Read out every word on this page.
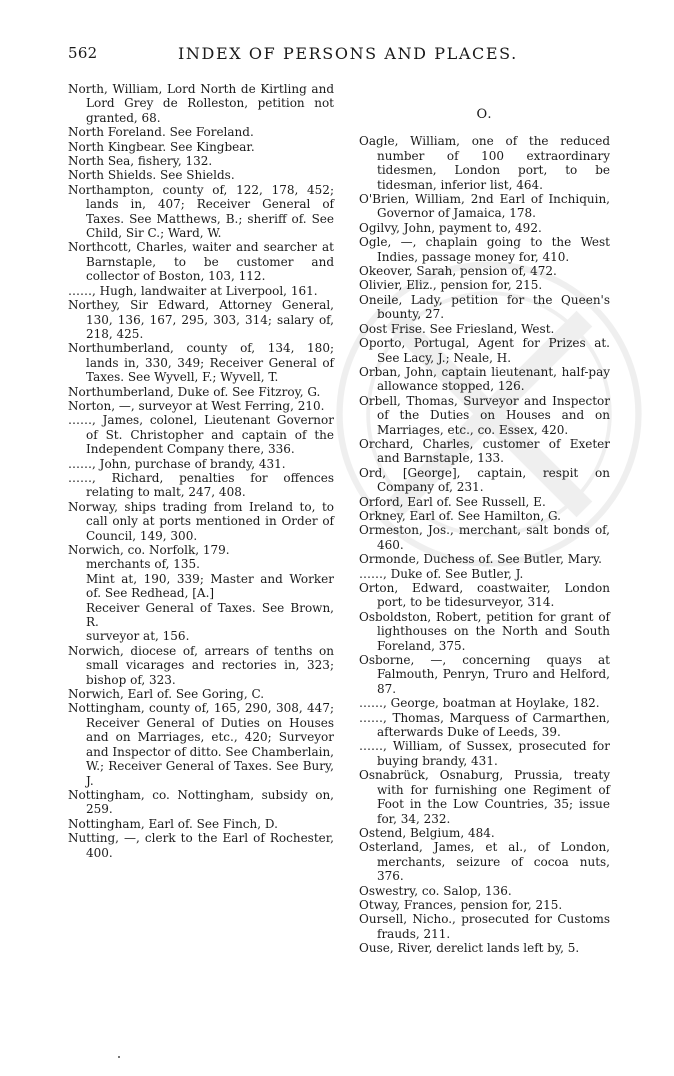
562	INDEX OF PERSONS AND PLACES.

North, William, Lord North de Kirtling and Lord Grey de Rolleston, petition not granted, 68.

North Foreland. See Foreland.

North Kingbear. See Kingbear.

North Sea, fishery, 132.

North Shields. See Shields.

Northampton, county of, 122, 178, 452; lands in, 407; Receiver General of Taxes. See Matthews, B.; sheriff of. See Child, Sir C.; Ward, W.

Northcott, Charles, waiter and searcher at Barnstaple, to be customer and collector of Boston, 103, 112.

……, Hugh, landwaiter at Liverpool, 161.

Northey, Sir Edward, Attorney General, 130, 136, 167, 295, 303, 314; salary of, 218, 425.

Northumberland, county of, 134, 180; lands in, 330, 349; Receiver General of Taxes. See Wyvell, F.; Wyvell, T.

Northumberland, Duke of. See Fitzroy, G.

Norton, —, surveyor at West Ferring, 210.

……, James, colonel, Lieutenant Governor of St. Christopher and captain of the Independent Company there, 336.

……, John, purchase of brandy, 431.

……, Richard, penalties for offences relating to malt, 247, 408.

Norway, ships trading from Ireland to, to call only at ports mentioned in Order of Council, 149, 300.

Norwich, co. Norfolk, 179.

merchants of, 135.

Mint at, 190, 339; Master and Worker of. See Redhead, [A.]

Receiver General of Taxes. See Brown, R.

surveyor at, 156.

Norwich, diocese of, arrears of tenths on small vicarages and rectories in, 323; bishop of, 323.

Norwich, Earl of. See Goring, C.

Nottingham, county of, 165, 290, 308, 447; Receiver General of Duties on Houses and on Marriages, etc., 420; Surveyor and Inspector of ditto. See Chamberlain, W.; Receiver General of Taxes. See Bury, J.

Nottingham, co. Nottingham, subsidy on, 259.

Nottingham, Earl of. See Finch, D.

Nutting, —, clerk to the Earl of Rochester, 400.

O.

Oagle, William, one of the reduced number of 100 extraordinary tidesmen, London port, to be tidesman, inferior list, 464.

O'Brien, William, 2nd Earl of Inchiquin, Governor of Jamaica, 178.

Ogilvy, John, payment to, 492.

Ogle, —, chaplain going to the West Indies, passage money for, 410.

Okeover, Sarah, pension of, 472.

Olivier, Eliz., pension for, 215.

Oneile, Lady, petition for the Queen's bounty, 27.

Oost Frise. See Friesland, West.

Oporto, Portugal, Agent for Prizes at. See Lacy, J.; Neale, H.

Orban, John, captain lieutenant, half-pay allowance stopped, 126.

Orbell, Thomas, Surveyor and Inspector of the Duties on Houses and on Marriages, etc., co. Essex, 420.

Orchard, Charles, customer of Exeter and Barnstaple, 133.

Ord, [George], captain, respit on Company of, 231.

Orford, Earl of. See Russell, E.

Orkney, Earl of. See Hamilton, G.

Ormeston, Jos., merchant, salt bonds of, 460.

Ormonde, Duchess of. See Butler, Mary.

……, Duke of. See Butler, J.

Orton, Edward, coastwaiter, London port, to be tidesurveyor, 314.

Osboldston, Robert, petition for grant of lighthouses on the North and South Foreland, 375.

Osborne, —, concerning quays at Falmouth, Penryn, Truro and Helford, 87.

……, George, boatman at Hoylake, 182.

……, Thomas, Marquess of Carmarthen, afterwards Duke of Leeds, 39.

……, William, of Sussex, prosecuted for buying brandy, 431.

Osnabrück, Osnaburg, Prussia, treaty with for furnishing one Regiment of Foot in the Low Countries, 35; issue for, 34, 232.

Ostend, Belgium, 484.

Osterland, James, et al., of London, merchants, seizure of cocoa nuts, 376.

Oswestry, co. Salop, 136.

Otway, Frances, pension for, 215.

Oursell, Nicho., prosecuted for Customs frauds, 211.

Ouse, River, derelict lands left by, 5.
